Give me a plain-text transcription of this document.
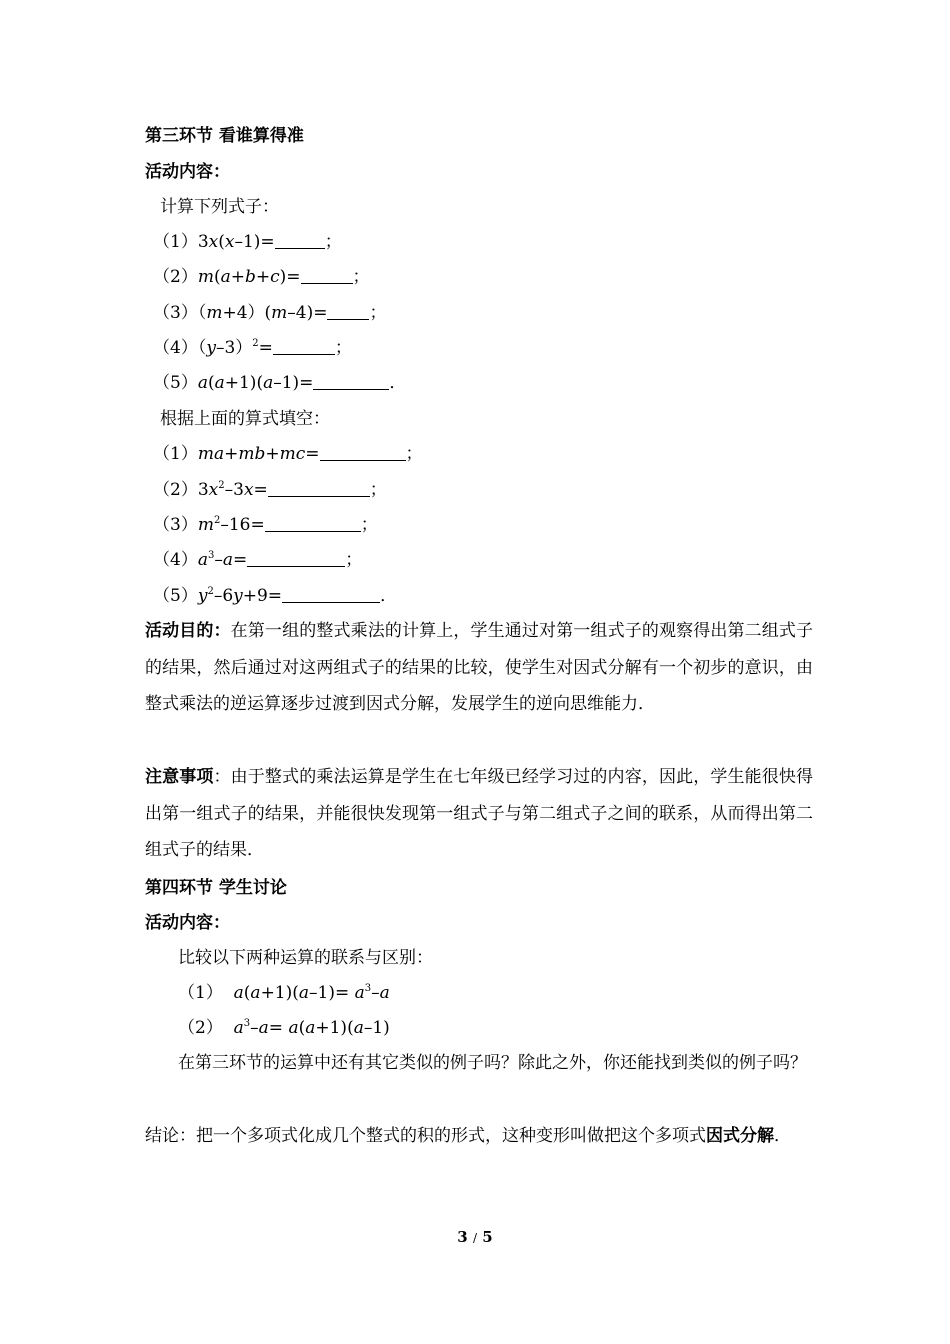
第三环节 看谁算得准
活动内容：
计算下列式子：
（1）3x(x–1)=	；
（2）m(a+b+c)=	；
（3）（m+4）(m–4)= ；
$(4)(y-3)^2=$	；
（5）a(a+1)(a–1)=	．
根据上面的算式填空：
（1）ma+mb+mc=	；
$(2)3x^2-3x=$	；
$(3)m^2-16=$	；
$(4)a^3-a=$	；
$(5)y^2-6y+9=$	．
活动目的：在第一组的整式乘法的计算上，学生通过对第一组式子的观察得出第二组式子的结果，然后通过对这两组式子的结果的比较，使学生对因式分解有一个初步的意识，由整式乘法的逆运算逐步过渡到因式分解，发展学生的逆向思维能力．
注意事项：由于整式的乘法运算是学生在七年级已经学习过的内容，因此，学生能很快得出第一组式子的结果，并能很快发现第一组式子与第二组式子之间的联系，从而得出第二组式子的结果．
第四环节 学生讨论
活动内容：
比较以下两种运算的联系与区别：
（1） $a(a+1)(a-1)= a^3-a$
（2） $a^3-a= a(a+1)(a-1)$
在第三环节的运算中还有其它类似的例子吗？除此之外，你还能找到类似的例子吗？
结论：把一个多项式化成几个整式的积的形式，这种变形叫做把这个多项式因式分解．
3 / 5
